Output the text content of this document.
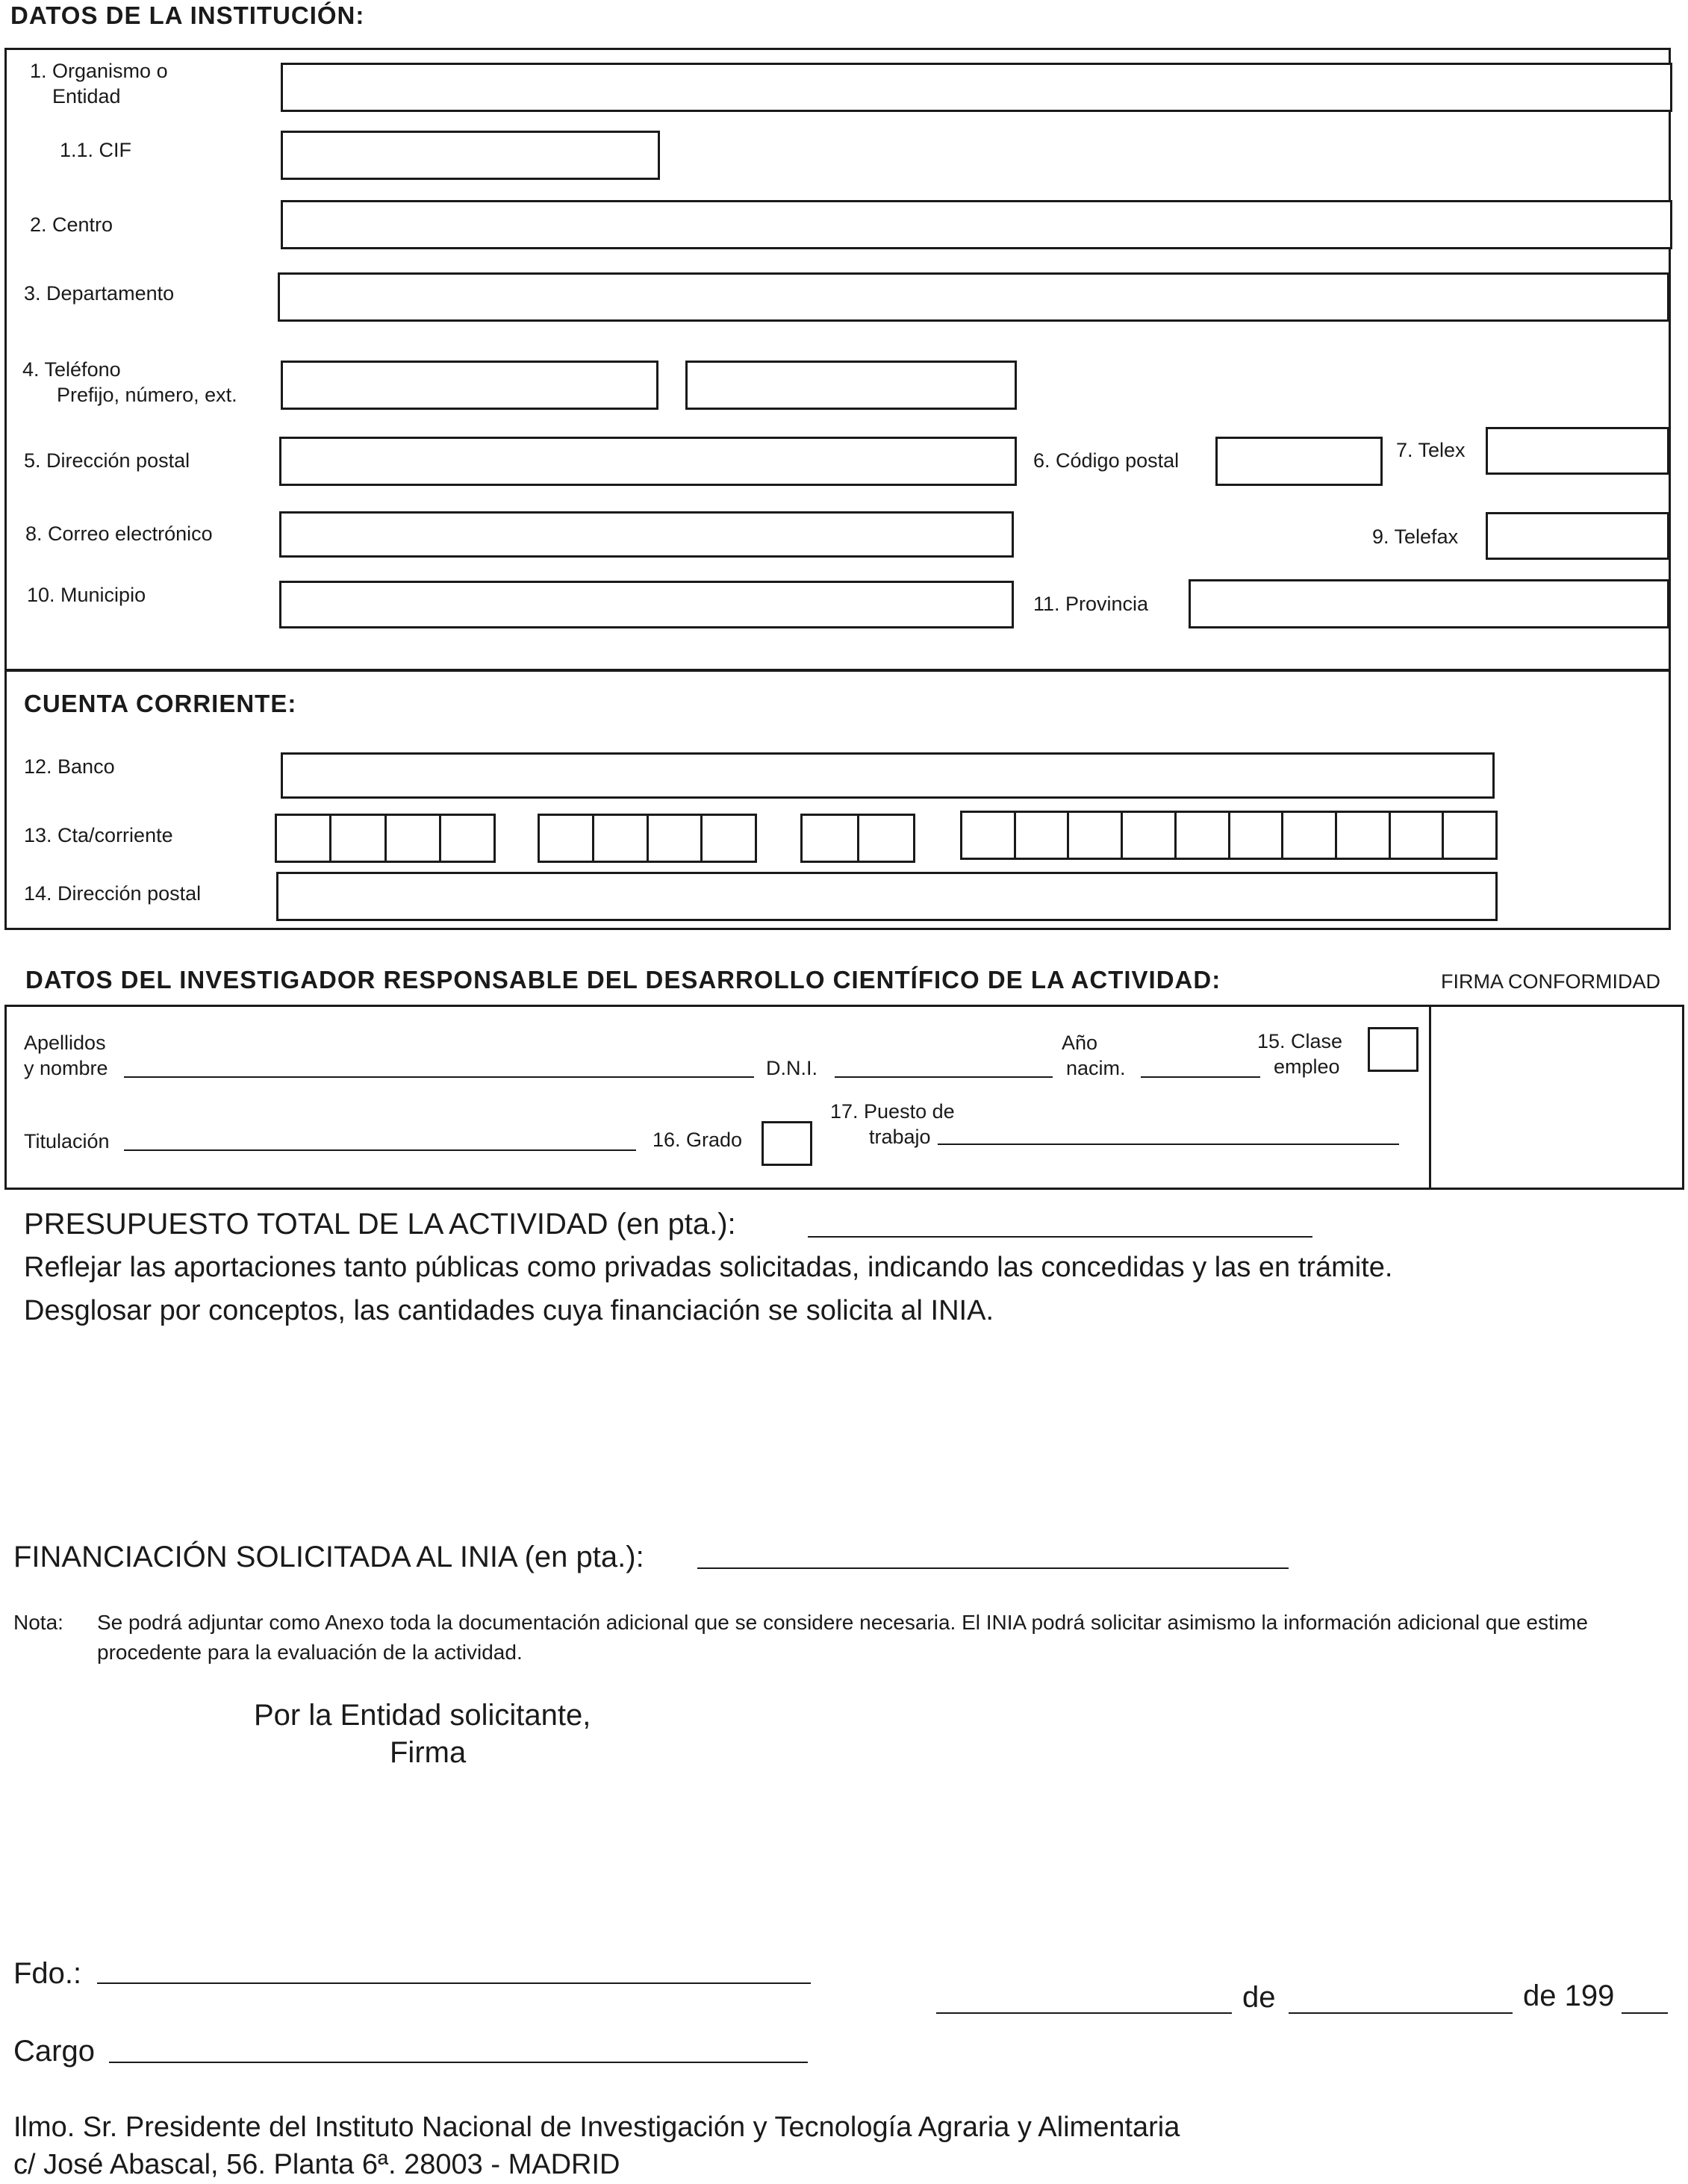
DATOS DE LA INSTITUCIÓN:
1. Organismo o
Entidad
1.1. CIF
2. Centro
3. Departamento
4. Teléfono
Prefijo, número, ext.
5. Dirección postal	6. Código postal	7. Telex
8. Correo electrónico	9. Telefax
10. Municipio	11. Provincia
CUENTA CORRIENTE:
12. Banco
13. Cta/corriente
14. Dirección postal
DATOS DEL INVESTIGADOR RESPONSABLE DEL DESARROLLO CIENTÍFICO DE LA ACTIVIDAD:	FIRMA CONFORMIDAD
Apellidos
y nombre	D.N.I.
Año
nacim.
15. Clase
empleo
Titulación	16. Grado
17. Puesto de
trabajo
PRESUPUESTO TOTAL DE LA ACTIVIDAD (en pta.):
Reflejar las aportaciones tanto públicas como privadas solicitadas, indicando las concedidas y las en trámite.
Desglosar por conceptos, las cantidades cuya financiación se solicita al INIA.
FINANCIACIÓN SOLICITADA AL INIA (en pta.):
Nota: Se podrá adjuntar como Anexo toda la documentación adicional que se considere necesaria. El INIA podrá solicitar asimismo la información adicional que estime procedente para la evaluación de la actividad.
Por la Entidad solicitante,
Firma
Fdo.:
de	de 199
Cargo
Ilmo. Sr. Presidente del Instituto Nacional de Investigación y Tecnología Agraria y Alimentaria
c/ José Abascal, 56. Planta 6ª. 28003 - MADRID
